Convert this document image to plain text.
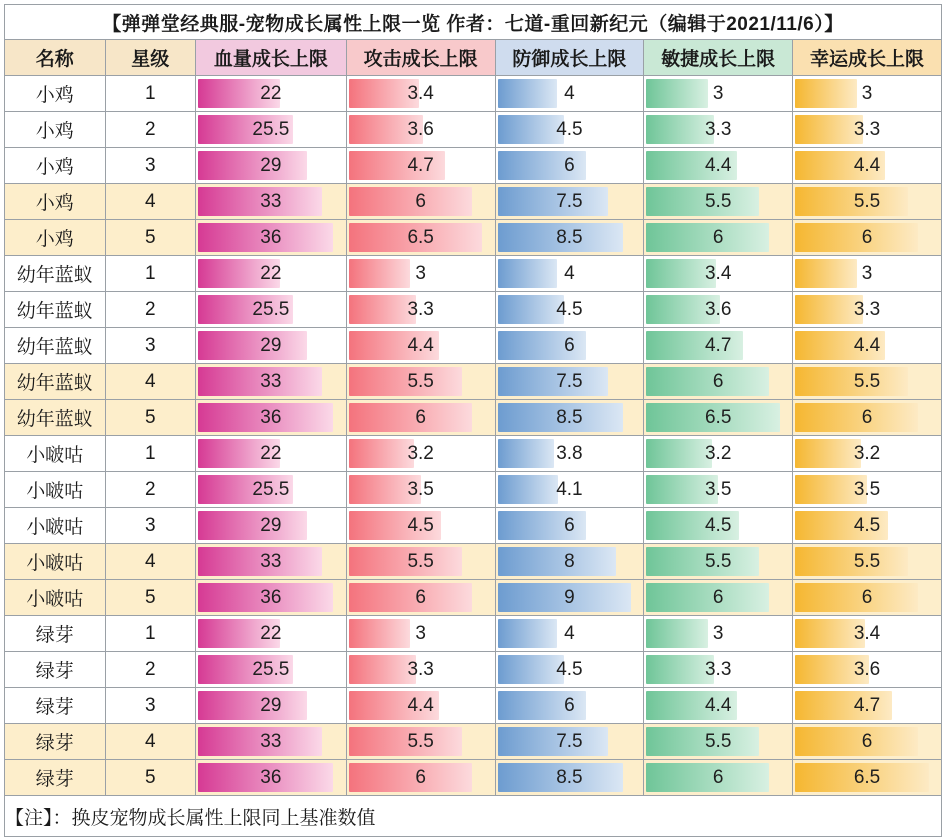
【弹弹堂经典服-宠物成长属性上限一览 作者：七道-重回新纪元（编辑于2021/11/6）】						
名称	星级	血量成长上限	攻击成长上限	防御成长上限	敏捷成长上限	幸运成长上限
小鸡	1	22	3.4	4	3	3

小鸡	2	25.5	3.6	4.5	3.3	3.3

小鸡	3	29	4.7	6	4.4	4.4

小鸡	4	33	6	7.5	5.5	5.5

小鸡	5	36	6.5	8.5	6	6

幼年蓝蚁	1	22	3	4	3.4	3

幼年蓝蚁	2	25.5	3.3	4.5	3.6	3.3

幼年蓝蚁	3	29	4.4	6	4.7	4.4

幼年蓝蚁	4	33	5.5	7.5	6	5.5

幼年蓝蚁	5	36	6	8.5	6.5	6

小啵咕	1	22	3.2	3.8	3.2	3.2

小啵咕	2	25.5	3.5	4.1	3.5	3.5

小啵咕	3	29	4.5	6	4.5	4.5

小啵咕	4	33	5.5	8	5.5	5.5

小啵咕	5	36	6	9	6	6

绿芽	1	22	3	4	3	3.4

绿芽	2	25.5	3.3	4.5	3.3	3.6

绿芽	3	29	4.4	6	4.4	4.7

绿芽	4	33	5.5	7.5	5.5	6

绿芽	5	36	6	8.5	6	6.5

【注】：换皮宠物成长属性上限同上基准数值						
